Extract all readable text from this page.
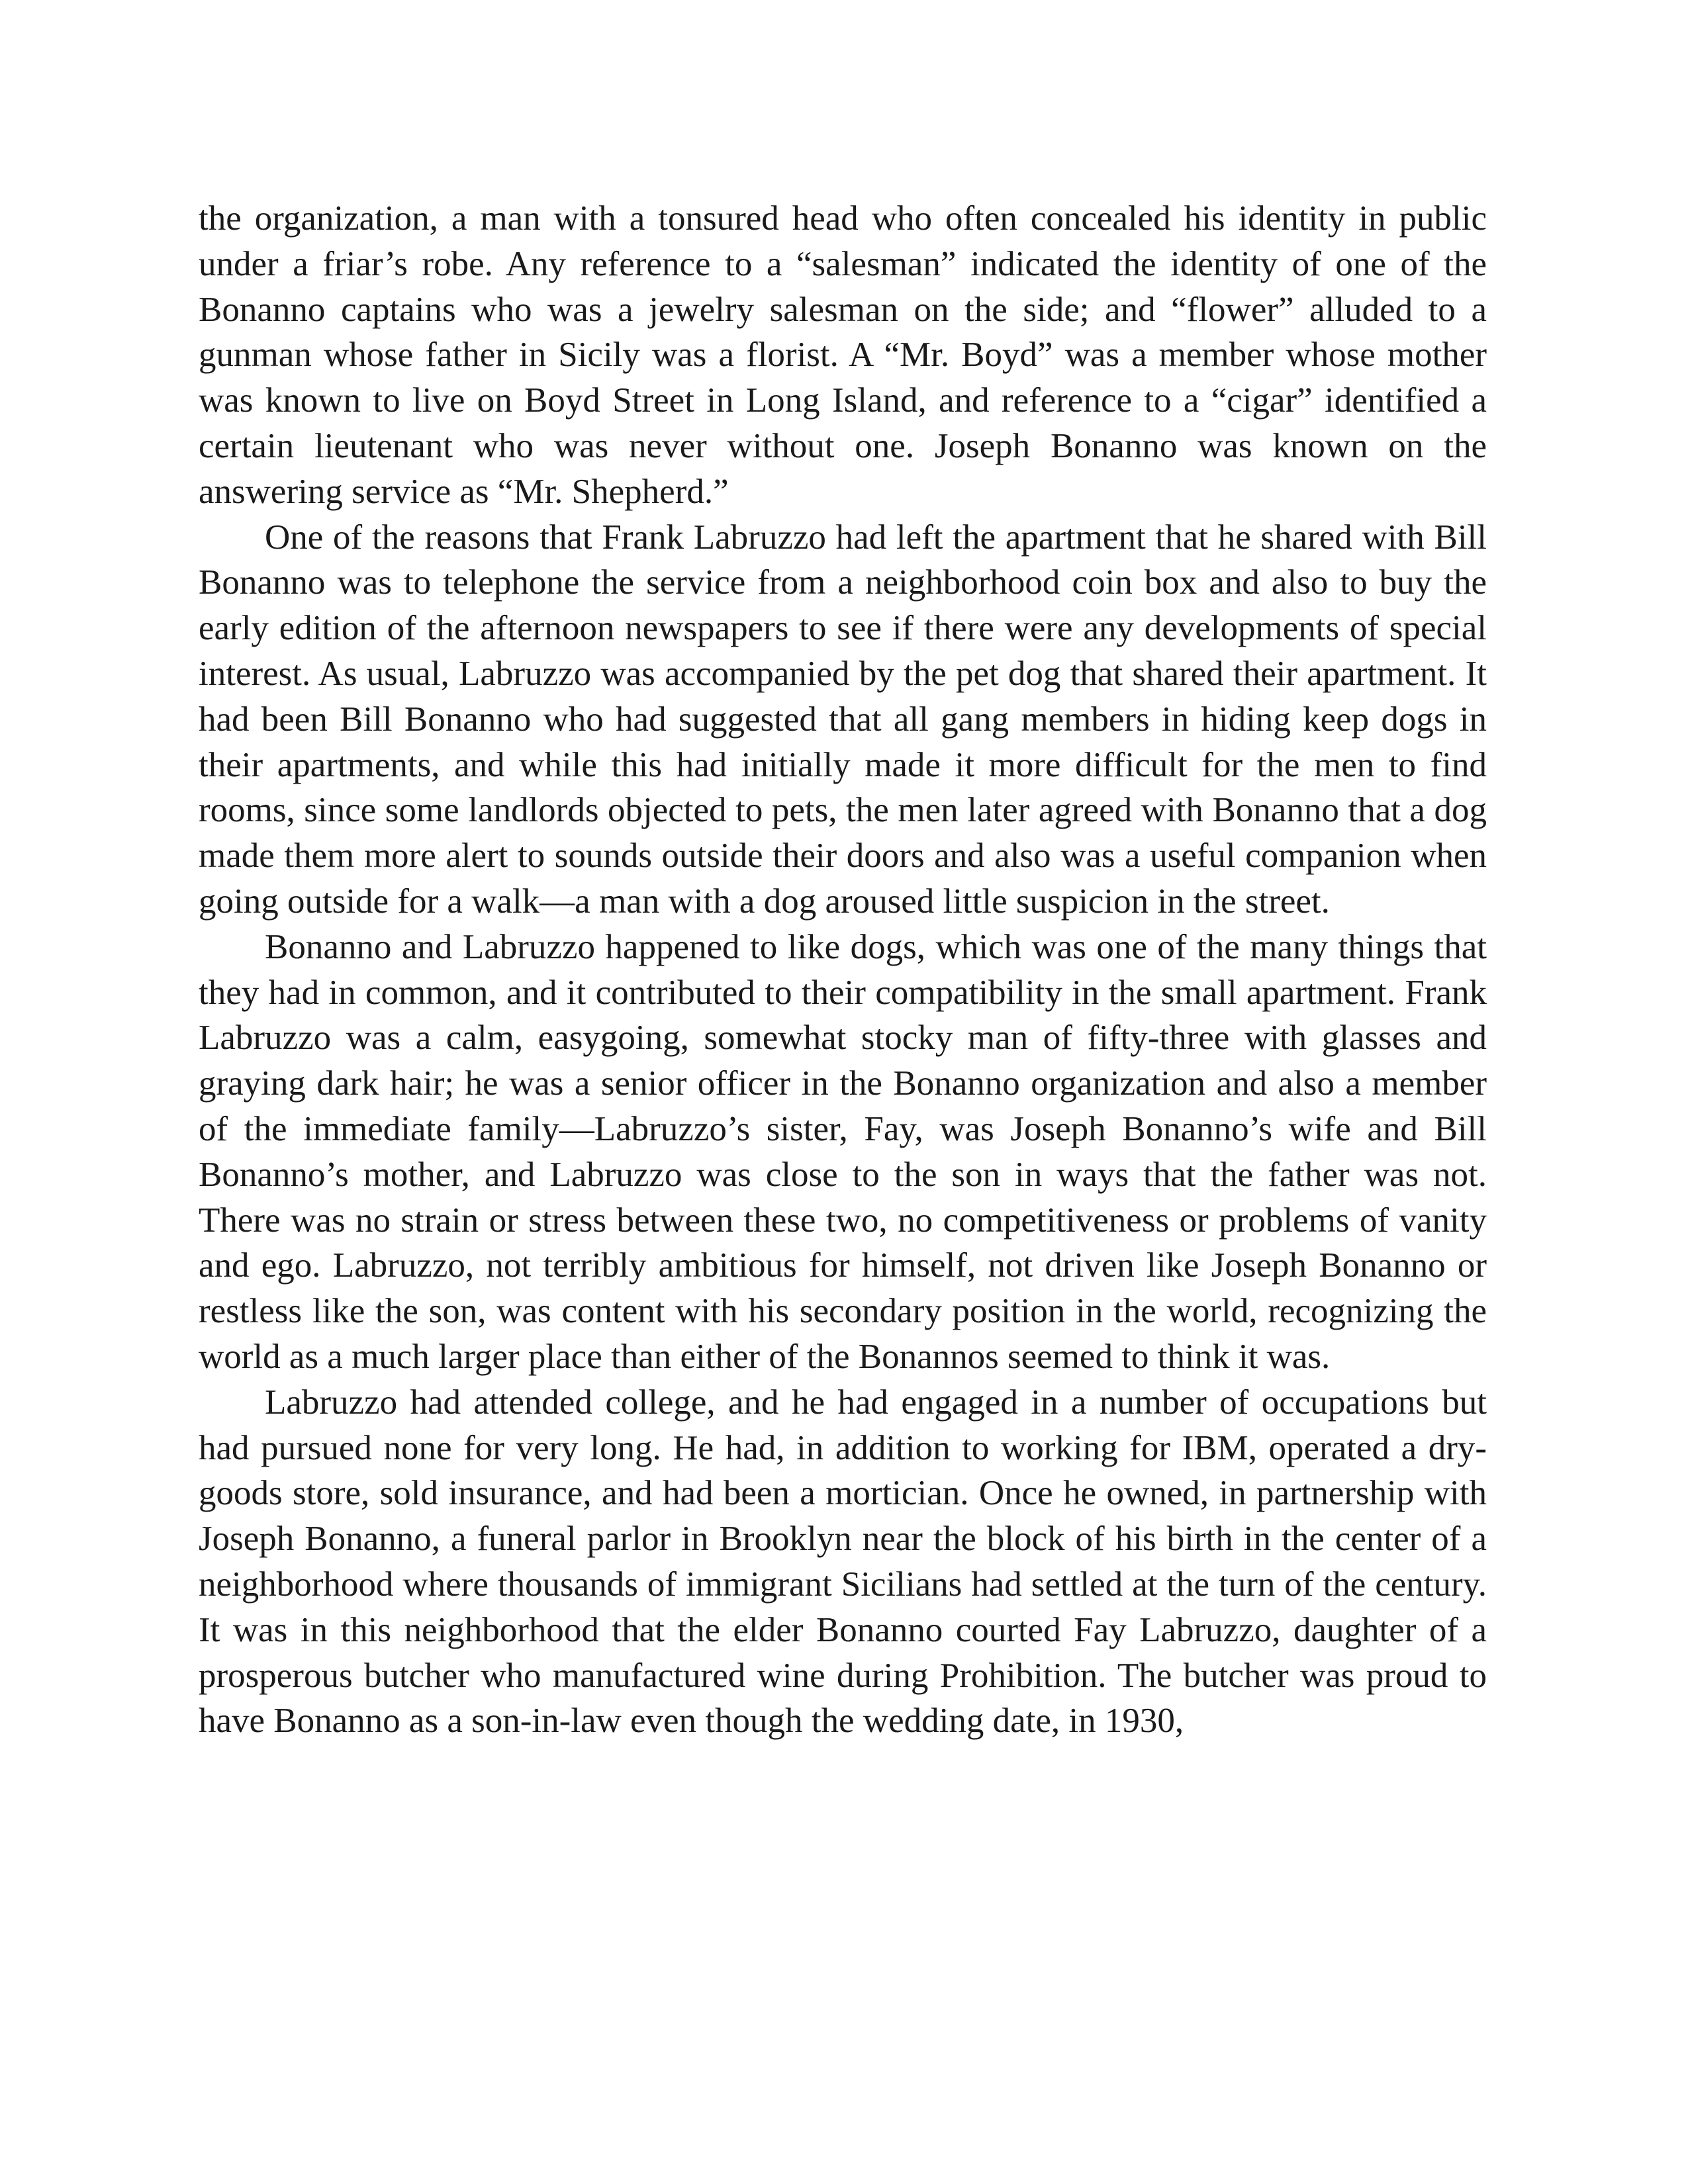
the organization, a man with a tonsured head who often concealed his identity in public under a friar’s robe. Any reference to a “salesman” indicated the identity of one of the Bonanno captains who was a jewelry salesman on the side; and “flower” alluded to a gunman whose father in Sicily was a florist. A “Mr. Boyd” was a member whose mother was known to live on Boyd Street in Long Island, and reference to a “cigar” identified a certain lieutenant who was never without one. Joseph Bonanno was known on the answering service as “Mr. Shepherd.”

One of the reasons that Frank Labruzzo had left the apartment that he shared with Bill Bonanno was to telephone the service from a neighborhood coin box and also to buy the early edition of the afternoon newspapers to see if there were any developments of special interest. As usual, Labruzzo was accompanied by the pet dog that shared their apartment. It had been Bill Bonanno who had suggested that all gang members in hiding keep dogs in their apartments, and while this had initially made it more difficult for the men to find rooms, since some landlords objected to pets, the men later agreed with Bonanno that a dog made them more alert to sounds outside their doors and also was a useful companion when going outside for a walk—a man with a dog aroused little suspicion in the street.

Bonanno and Labruzzo happened to like dogs, which was one of the many things that they had in common, and it contributed to their compatibility in the small apartment. Frank Labruzzo was a calm, easygoing, somewhat stocky man of fifty-three with glasses and graying dark hair; he was a senior officer in the Bonanno organization and also a member of the immediate family—Labruzzo’s sister, Fay, was Joseph Bonanno’s wife and Bill Bonanno’s mother, and Labruzzo was close to the son in ways that the father was not. There was no strain or stress between these two, no competitiveness or problems of vanity and ego. Labruzzo, not terribly ambitious for himself, not driven like Joseph Bonanno or restless like the son, was content with his secondary position in the world, recognizing the world as a much larger place than either of the Bonannos seemed to think it was.

Labruzzo had attended college, and he had engaged in a number of occupations but had pursued none for very long. He had, in addition to working for IBM, operated a dry-goods store, sold insurance, and had been a mortician. Once he owned, in partnership with Joseph Bonanno, a funeral parlor in Brooklyn near the block of his birth in the center of a neighborhood where thousands of immigrant Sicilians had settled at the turn of the century. It was in this neighborhood that the elder Bonanno courted Fay Labruzzo, daughter of a prosperous butcher who manufactured wine during Prohibition. The butcher was proud to have Bonanno as a son-in-law even though the wedding date, in 1930,
